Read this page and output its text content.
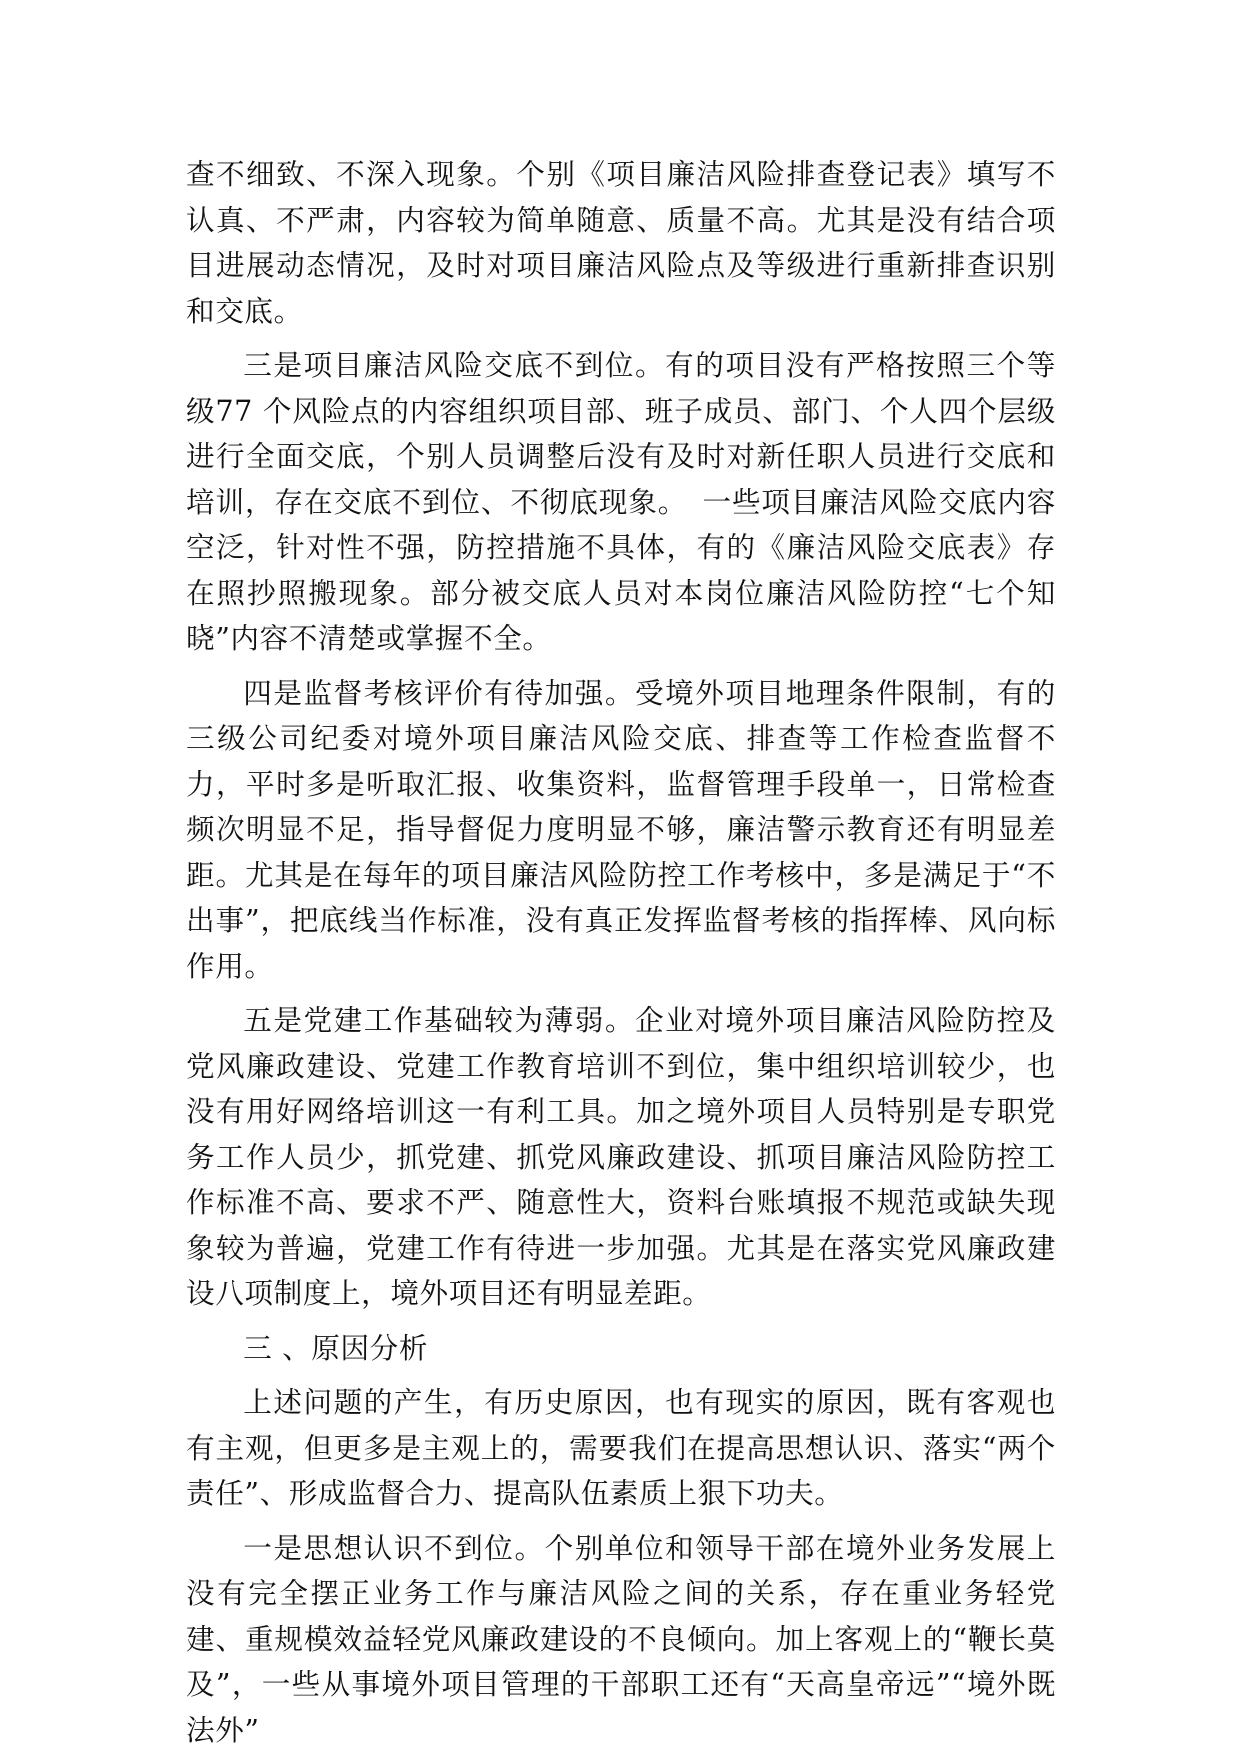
查不细致、不深入现象。个别《项目廉洁风险排查登记表》填写不认真、不严肃，内容较为简单随意、质量不高。尤其是没有结合项目进展动态情况，及时对项目廉洁风险点及等级进行重新排查识别和交底。

三是项目廉洁风险交底不到位。有的项目没有严格按照三个等级77 个风险点的内容组织项目部、班子成员、部门、个人四个层级进行全面交底，个别人员调整后没有及时对新任职人员进行交底和培训，存在交底不到位、不彻底现象。　一些项目廉洁风险交底内容空泛，针对性不强，防控措施不具体，有的《廉洁风险交底表》存在照抄照搬现象。部分被交底人员对本岗位廉洁风险防控“七个知晓”内容不清楚或掌握不全。

四是监督考核评价有待加强。受境外项目地理条件限制，有的三级公司纪委对境外项目廉洁风险交底、排查等工作检查监督不力，平时多是听取汇报、收集资料，监督管理手段单一，日常检查频次明显不足，指导督促力度明显不够，廉洁警示教育还有明显差距。尤其是在每年的项目廉洁风险防控工作考核中，多是满足于“不出事”，把底线当作标准，没有真正发挥监督考核的指挥棒、风向标作用。

五是党建工作基础较为薄弱。企业对境外项目廉洁风险防控及党风廉政建设、党建工作教育培训不到位，集中组织培训较少，也没有用好网络培训这一有利工具。加之境外项目人员特别是专职党务工作人员少，抓党建、抓党风廉政建设、抓项目廉洁风险防控工作标准不高、要求不严、随意性大，资料台账填报不规范或缺失现象较为普遍，党建工作有待进一步加强。尤其是在落实党风廉政建设八项制度上，境外项目还有明显差距。

三 、原因分析

上述问题的产生，有历史原因，也有现实的原因，既有客观也有主观，但更多是主观上的，需要我们在提高思想认识、落实“两个责任”、形成监督合力、提高队伍素质上狠下功夫。

一是思想认识不到位。个别单位和领导干部在境外业务发展上没有完全摆正业务工作与廉洁风险之间的关系，存在重业务轻党建、重规模效益轻党风廉政建设的不良倾向。加上客观上的“鞭长莫及”，一些从事境外项目管理的干部职工还有“天高皇帝远”“境外既法外”
